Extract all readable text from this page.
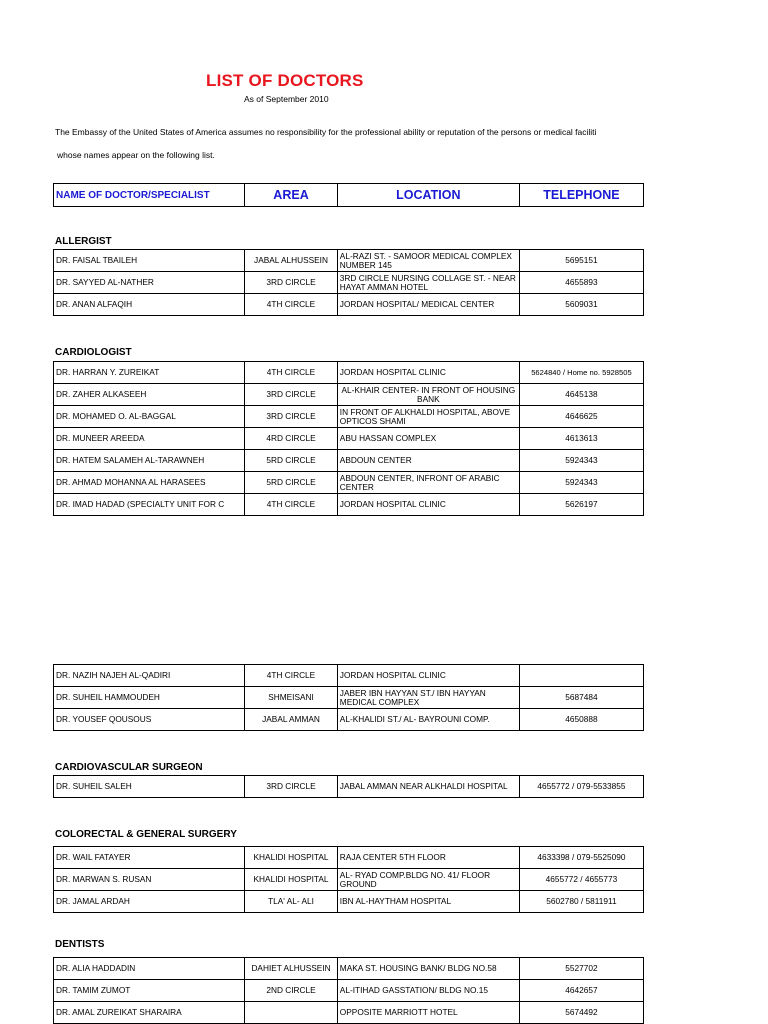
LIST OF DOCTORS
As of September 2010
The Embassy of the United States of America assumes no responsibility for the professional ability or reputation of the persons or medical faciliti
whose names appear on the following list.
NAME OF DOCTOR/SPECIALIST	AREA	LOCATION	TELEPHONE
ALLERGIST
DR. FAISAL TBAILEH	JABAL ALHUSSEIN	AL-RAZI ST. - SAMOOR MEDICAL COMPLEX NUMBER 145	5695151
DR. SAYYED AL-NATHER	3RD CIRCLE	3RD CIRCLE NURSING COLLAGE ST. - NEAR HAYAT AMMAN HOTEL	4655893
DR. ANAN ALFAQIH	4TH CIRCLE	JORDAN HOSPITAL/ MEDICAL CENTER	5609031
CARDIOLOGIST
DR. HARRAN Y. ZUREIKAT	4TH CIRCLE	JORDAN HOSPITAL CLINIC	5624840 / Home no. 5928505
DR. ZAHER ALKASEEH	3RD CIRCLE	AL-KHAIR CENTER- IN FRONT OF HOUSING BANK	4645138
DR. MOHAMED O. AL-BAGGAL	3RD CIRCLE	IN FRONT OF ALKHALDI HOSPITAL, ABOVE OPTICOS SHAMI	4646625
DR. MUNEER AREEDA	4RD CIRCLE	ABU HASSAN COMPLEX	4613613
DR. HATEM SALAMEH AL-TARAWNEH	5RD CIRCLE	ABDOUN CENTER	5924343
DR. AHMAD MOHANNA AL HARASEES	5RD CIRCLE	ABDOUN CENTER, INFRONT OF ARABIC CENTER	5924343
DR. IMAD HADAD (SPECIALTY UNIT FOR C	4TH CIRCLE	JORDAN HOSPITAL CLINIC	5626197
DR. NAZIH NAJEH AL-QADIRI	4TH CIRCLE	JORDAN HOSPITAL CLINIC	
DR. SUHEIL HAMMOUDEH	SHMEISANI	JABER IBN HAYYAN ST./ IBN HAYYAN MEDICAL COMPLEX	5687484
DR. YOUSEF QOUSOUS	JABAL AMMAN	AL-KHALIDI ST./ AL- BAYROUNI COMP.	4650888
CARDIOVASCULAR SURGEON
DR. SUHEIL SALEH	3RD CIRCLE	JABAL AMMAN NEAR ALKHALDI HOSPITAL	4655772 / 079-5533855
COLORECTAL & GENERAL SURGERY
DR. WAIL FATAYER	KHALIDI HOSPITAL	RAJA CENTER 5TH FLOOR	4633398 / 079-5525090
DR. MARWAN S. RUSAN	KHALIDI HOSPITAL	AL- RYAD COMP.BLDG NO. 41/ FLOOR GROUND	4655772 / 4655773
DR. JAMAL ARDAH	TLA' AL- ALI	IBN AL-HAYTHAM HOSPITAL	5602780 / 5811911
DENTISTS
DR. ALIA HADDADIN	DAHIET ALHUSSEIN	MAKA ST. HOUSING BANK/ BLDG NO.58	5527702
DR. TAMIM ZUMOT	2ND CIRCLE	AL-ITIHAD GASSTATION/ BLDG NO.15	4642657
DR. AMAL ZUREIKAT SHARAIRA		OPPOSITE MARRIOTT HOTEL	5674492
